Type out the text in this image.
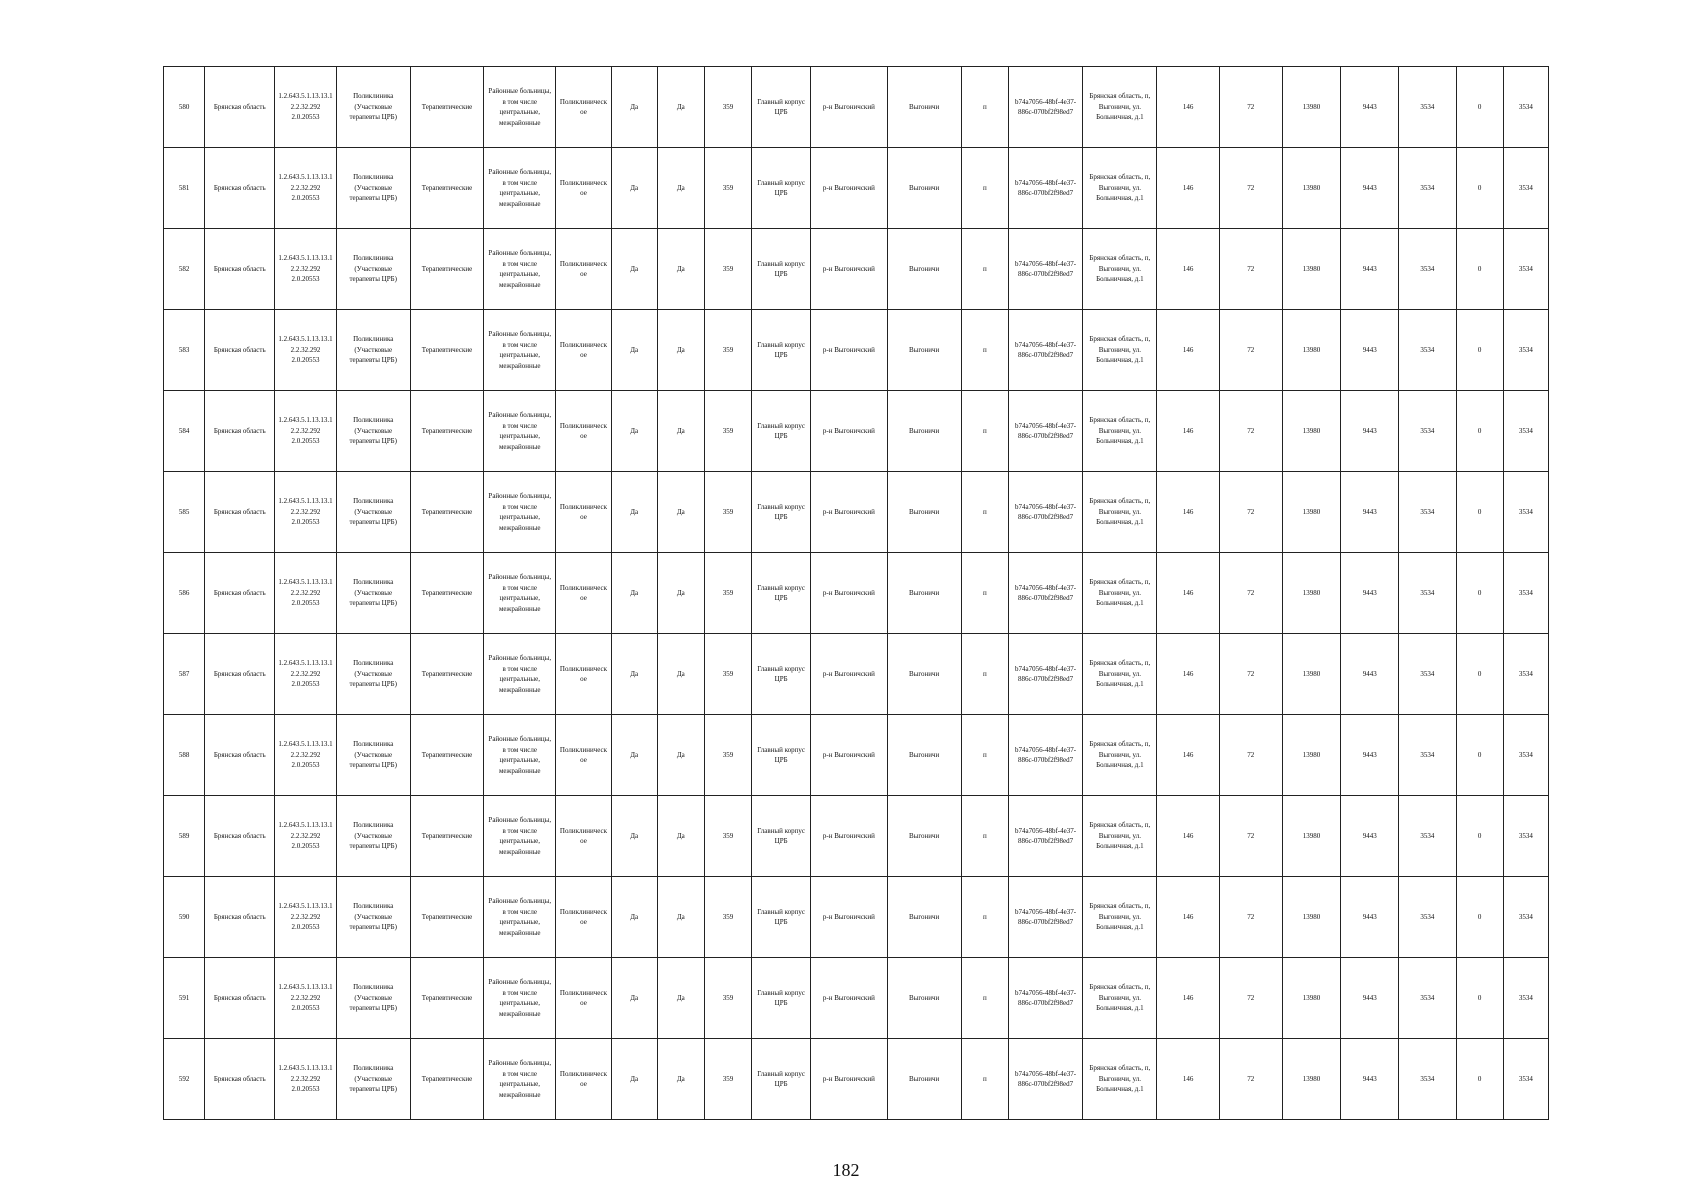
580	Брянская область	1.2.643.5.1.13.13.12.2.32.292 2.0.20553	Поликлиника (Участковые терапевты ЦРБ)	Терапевтические	Районные больницы, в том числе центральные, межрайонные	Поликлиническое	Да	Да	359	Главный корпус ЦРБ	р-н Выгоничский	Выгоничи	п	b74a7056-48bf-4e37-886c-070bf2f98ed7	Брянская область, п, Выгоничи, ул. Больничная, д.1	146	72	13980	9443	3534	0	3534
581	Брянская область	1.2.643.5.1.13.13.12.2.32.292 2.0.20553	Поликлиника (Участковые терапевты ЦРБ)	Терапевтические	Районные больницы, в том числе центральные, межрайонные	Поликлиническое	Да	Да	359	Главный корпус ЦРБ	р-н Выгоничский	Выгоничи	п	b74a7056-48bf-4e37-886c-070bf2f98ed7	Брянская область, п, Выгоничи, ул. Больничная, д.1	146	72	13980	9443	3534	0	3534
582	Брянская область	1.2.643.5.1.13.13.12.2.32.292 2.0.20553	Поликлиника (Участковые терапевты ЦРБ)	Терапевтические	Районные больницы, в том числе центральные, межрайонные	Поликлиническое	Да	Да	359	Главный корпус ЦРБ	р-н Выгоничский	Выгоничи	п	b74a7056-48bf-4e37-886c-070bf2f98ed7	Брянская область, п, Выгоничи, ул. Больничная, д.1	146	72	13980	9443	3534	0	3534
583	Брянская область	1.2.643.5.1.13.13.12.2.32.292 2.0.20553	Поликлиника (Участковые терапевты ЦРБ)	Терапевтические	Районные больницы, в том числе центральные, межрайонные	Поликлиническое	Да	Да	359	Главный корпус ЦРБ	р-н Выгоничский	Выгоничи	п	b74a7056-48bf-4e37-886c-070bf2f98ed7	Брянская область, п, Выгоничи, ул. Больничная, д.1	146	72	13980	9443	3534	0	3534
584	Брянская область	1.2.643.5.1.13.13.12.2.32.292 2.0.20553	Поликлиника (Участковые терапевты ЦРБ)	Терапевтические	Районные больницы, в том числе центральные, межрайонные	Поликлиническое	Да	Да	359	Главный корпус ЦРБ	р-н Выгоничский	Выгоничи	п	b74a7056-48bf-4e37-886c-070bf2f98ed7	Брянская область, п, Выгоничи, ул. Больничная, д.1	146	72	13980	9443	3534	0	3534
585	Брянская область	1.2.643.5.1.13.13.12.2.32.292 2.0.20553	Поликлиника (Участковые терапевты ЦРБ)	Терапевтические	Районные больницы, в том числе центральные, межрайонные	Поликлиническое	Да	Да	359	Главный корпус ЦРБ	р-н Выгоничский	Выгоничи	п	b74a7056-48bf-4e37-886c-070bf2f98ed7	Брянская область, п, Выгоничи, ул. Больничная, д.1	146	72	13980	9443	3534	0	3534
586	Брянская область	1.2.643.5.1.13.13.12.2.32.292 2.0.20553	Поликлиника (Участковые терапевты ЦРБ)	Терапевтические	Районные больницы, в том числе центральные, межрайонные	Поликлиническое	Да	Да	359	Главный корпус ЦРБ	р-н Выгоничский	Выгоничи	п	b74a7056-48bf-4e37-886c-070bf2f98ed7	Брянская область, п, Выгоничи, ул. Больничная, д.1	146	72	13980	9443	3534	0	3534
587	Брянская область	1.2.643.5.1.13.13.12.2.32.292 2.0.20553	Поликлиника (Участковые терапевты ЦРБ)	Терапевтические	Районные больницы, в том числе центральные, межрайонные	Поликлиническое	Да	Да	359	Главный корпус ЦРБ	р-н Выгоничский	Выгоничи	п	b74a7056-48bf-4e37-886c-070bf2f98ed7	Брянская область, п, Выгоничи, ул. Больничная, д.1	146	72	13980	9443	3534	0	3534
588	Брянская область	1.2.643.5.1.13.13.12.2.32.292 2.0.20553	Поликлиника (Участковые терапевты ЦРБ)	Терапевтические	Районные больницы, в том числе центральные, межрайонные	Поликлиническое	Да	Да	359	Главный корпус ЦРБ	р-н Выгоничский	Выгоничи	п	b74a7056-48bf-4e37-886c-070bf2f98ed7	Брянская область, п, Выгоничи, ул. Больничная, д.1	146	72	13980	9443	3534	0	3534
589	Брянская область	1.2.643.5.1.13.13.12.2.32.292 2.0.20553	Поликлиника (Участковые терапевты ЦРБ)	Терапевтические	Районные больницы, в том числе центральные, межрайонные	Поликлиническое	Да	Да	359	Главный корпус ЦРБ	р-н Выгоничский	Выгоничи	п	b74a7056-48bf-4e37-886c-070bf2f98ed7	Брянская область, п, Выгоничи, ул. Больничная, д.1	146	72	13980	9443	3534	0	3534
590	Брянская область	1.2.643.5.1.13.13.12.2.32.292 2.0.20553	Поликлиника (Участковые терапевты ЦРБ)	Терапевтические	Районные больницы, в том числе центральные, межрайонные	Поликлиническое	Да	Да	359	Главный корпус ЦРБ	р-н Выгоничский	Выгоничи	п	b74a7056-48bf-4e37-886c-070bf2f98ed7	Брянская область, п, Выгоничи, ул. Больничная, д.1	146	72	13980	9443	3534	0	3534
591	Брянская область	1.2.643.5.1.13.13.12.2.32.292 2.0.20553	Поликлиника (Участковые терапевты ЦРБ)	Терапевтические	Районные больницы, в том числе центральные, межрайонные	Поликлиническое	Да	Да	359	Главный корпус ЦРБ	р-н Выгоничский	Выгоничи	п	b74a7056-48bf-4e37-886c-070bf2f98ed7	Брянская область, п, Выгоничи, ул. Больничная, д.1	146	72	13980	9443	3534	0	3534
592	Брянская область	1.2.643.5.1.13.13.12.2.32.292 2.0.20553	Поликлиника (Участковые терапевты ЦРБ)	Терапевтические	Районные больницы, в том числе центральные, межрайонные	Поликлиническое	Да	Да	359	Главный корпус ЦРБ	р-н Выгоничский	Выгоничи	п	b74a7056-48bf-4e37-886c-070bf2f98ed7	Брянская область, п, Выгоничи, ул. Больничная, д.1	146	72	13980	9443	3534	0	3534
182
